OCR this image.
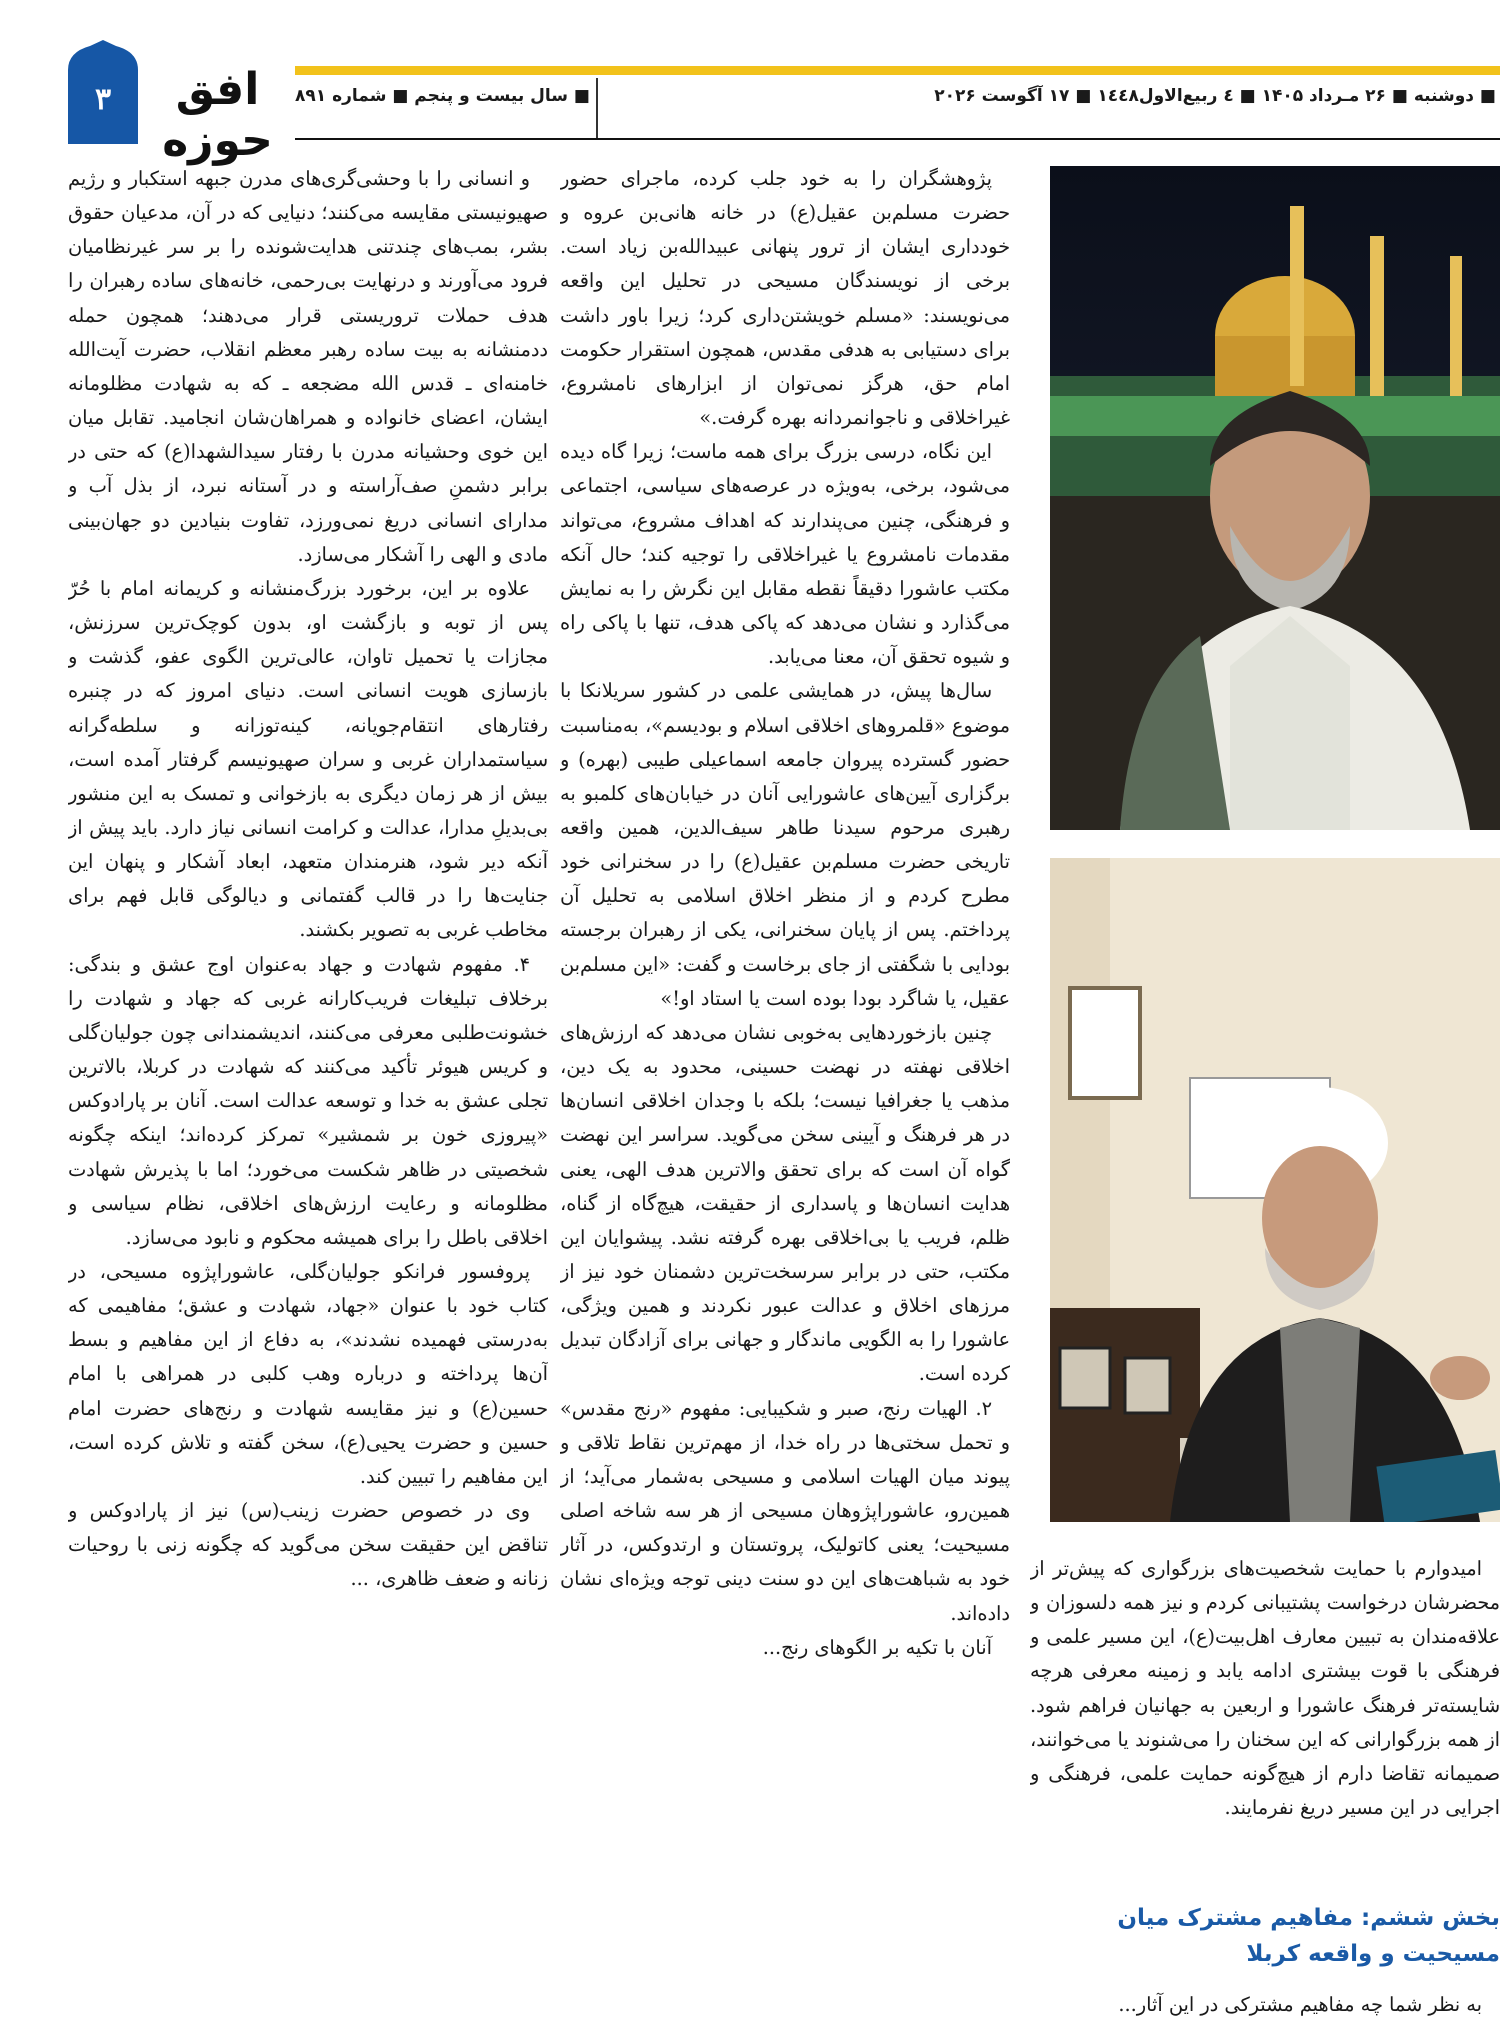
۳	افق حوزه
■ سال بیست و پنجم ■ شماره ۸۹۱	■ دوشنبه ■ ۲۶ مـرداد ۱۴۰۵ ■ ٤ ربیع‌الاول۱٤٤۸ ■ ۱۷ آگوست ۲۰۲۶

و انسانی را با وحشی‌گری‌های مدرن جبهه استکبار و رژیم صهیونیستی مقایسه می‌کنند؛ دنیایی که در آن، مدعیان حقوق بشر، بمب‌های چندتنی هدایت‌شونده را بر سر غیرنظامیان فرود می‌آورند و درنهایت بی‌رحمی، خانه‌های ساده رهبران را هدف حملات تروریستی قرار می‌دهند؛ همچون حمله ددمنشانه به بیت ساده رهبر معظم انقلاب، حضرت آیت‌الله خامنه‌ای ـ قدس الله مضجعه ـ که به شهادت مظلومانه ایشان، اعضای خانواده و همراهان‌شان انجامید. تقابل میان این خوی وحشیانه مدرن با رفتار سیدالشهدا(ع) که حتی در برابر دشمنِ صف‌آراسته و در آستانه نبرد، از بذل آب و مدارای انسانی دریغ نمی‌ورزد، تفاوت بنیادین دو جهان‌بینی مادی و الهی را آشکار می‌سازد.

علاوه بر این، برخورد بزرگ‌منشانه و کریمانه امام با حُرّ پس از توبه و بازگشت او، بدون کوچک‌ترین سرزنش، مجازات یا تحمیل تاوان، عالی‌ترین الگوی عفو، گذشت و بازسازی هویت انسانی است. دنیای امروز که در چنبره رفتارهای انتقام‌جویانه، کینه‌توزانه و سلطه‌گرانه سیاستمداران غربی و سران صهیونیسم گرفتار آمده است، بیش از هر زمان دیگری به بازخوانی و تمسک به این منشور بی‌بدیلِ مدارا، عدالت و کرامت انسانی نیاز دارد. باید پیش از آنکه دیر شود، هنرمندان متعهد، ابعاد آشکار و پنهان این جنایت‌ها را در قالب گفتمانی و دیالوگی قابل فهم برای مخاطب غربی به تصویر بکشند.

۴. مفهوم شهادت و جهاد به‌عنوان اوج عشق و بندگی: برخلاف تبلیغات فریب‌کارانه غربی که جهاد و شهادت را خشونت‌طلبی معرفی می‌کنند، اندیشمندانی چون جولیان‌گلی و کریس هیوئر تأکید می‌کنند که شهادت در کربلا، بالاترین تجلی عشق به خدا و توسعه عدالت است. آنان بر پارادوکس «پیروزی خون بر شمشیر» تمرکز کرده‌اند؛ اینکه چگونه شخصیتی در ظاهر شکست می‌خورد؛ اما با پذیرش شهادت مظلومانه و رعایت ارزش‌های اخلاقی، نظام سیاسی و اخلاقی باطل را برای همیشه محکوم و نابود می‌سازد.

پروفسور فرانکو جولیان‌گلی، عاشوراپژوه مسیحی، در کتاب خود با عنوان «جهاد، شهادت و عشق؛ مفاهیمی که به‌درستی فهمیده نشدند»، به دفاع از این مفاهیم و بسط آن‌ها پرداخته و درباره وهب کلبی در همراهی با امام حسین(ع) و نیز مقایسه شهادت و رنج‌های حضرت امام حسین و حضرت یحیی(ع)، سخن گفته و تلاش کرده است، این مفاهیم را تبیین کند.

وی در خصوص حضرت زینب(س) نیز از پارادوکس و تناقض این حقیقت سخن می‌گوید که چگونه زنی با روحیات زنانه و ضعف ظاهری، ...

پژوهشگران را به خود جلب کرده، ماجرای حضور حضرت مسلم‌بن عقیل(ع) در خانه هانی‌بن عروه و خودداری ایشان از ترور پنهانی عبیدالله‌بن زیاد است. برخی از نویسندگان مسیحی در تحلیل این واقعه می‌نویسند: «مسلم خویشتن‌داری کرد؛ زیرا باور داشت برای دستیابی به هدفی مقدس، همچون استقرار حکومت امام حق، هرگز نمی‌توان از ابزارهای نامشروع، غیراخلاقی و ناجوانمردانه بهره گرفت.»

این نگاه، درسی بزرگ برای همه ماست؛ زیرا گاه دیده می‌شود، برخی، به‌ویژه در عرصه‌های سیاسی، اجتماعی و فرهنگی، چنین می‌پندارند که اهداف مشروع، می‌تواند مقدمات نامشروع یا غیراخلاقی را توجیه کند؛ حال آنکه مکتب عاشورا دقیقاً نقطه مقابل این نگرش را به نمایش می‌گذارد و نشان می‌دهد که پاکی هدف، تنها با پاکی راه و شیوه تحقق آن، معنا می‌یابد.

سال‌ها پیش، در همایشی علمی در کشور سریلانکا با موضوع «قلمروهای اخلاقی اسلام و بودیسم»، به‌مناسبت حضور گسترده پیروان جامعه اسماعیلی طیبی (بهره) و برگزاری آیین‌های عاشورایی آنان در خیابان‌های کلمبو به رهبری مرحوم سیدنا طاهر سیف‌الدین، همین واقعه تاریخی حضرت مسلم‌بن عقیل(ع) را در سخنرانی خود مطرح کردم و از منظر اخلاق اسلامی به تحلیل آن پرداختم. پس از پایان سخنرانی، یکی از رهبران برجسته بودایی با شگفتی از جای برخاست و گفت: «این مسلم‌بن عقیل، یا شاگرد بودا بوده است یا استاد او!»

چنین بازخوردهایی به‌خوبی نشان می‌دهد که ارزش‌های اخلاقی نهفته در نهضت حسینی، محدود به یک دین، مذهب یا جغرافیا نیست؛ بلکه با وجدان اخلاقی انسان‌ها در هر فرهنگ و آیینی سخن می‌گوید. سراسر این نهضت گواه آن است که برای تحقق والاترین هدف الهی، یعنی هدایت انسان‌ها و پاسداری از حقیقت، هیچ‌گاه از گناه، ظلم، فریب یا بی‌اخلاقی بهره گرفته نشد. پیشوایان این مکتب، حتی در برابر سرسخت‌ترین دشمنان خود نیز از مرزهای اخلاق و عدالت عبور نکردند و همین ویژگی، عاشورا را به الگویی ماندگار و جهانی برای آزادگان تبدیل کرده است.

۲. الهیات رنج، صبر و شکیبایی: مفهوم «رنج مقدس» و تحمل سختی‌ها در راه خدا، از مهم‌ترین نقاط تلاقی و پیوند میان الهیات اسلامی و مسیحی به‌شمار می‌آید؛ از همین‌رو، عاشوراپژوهان مسیحی از هر سه شاخه اصلی مسیحیت؛ یعنی کاتولیک، پروتستان و ارتدوکس، در آثار خود به شباهت‌های این دو سنت دینی توجه ویژه‌ای نشان داده‌اند.

آنان با تکیه بر الگوهای رنج...

امیدوارم با حمایت شخصیت‌های بزرگواری که پیش‌تر از محضرشان درخواست پشتیبانی کردم و نیز همه دلسوزان و علاقه‌مندان به تبیین معارف اهل‌بیت(ع)، این مسیر علمی و فرهنگی با قوت بیشتری ادامه یابد و زمینه معرفی هرچه شایسته‌تر فرهنگ عاشورا و اربعین به جهانیان فراهم شود. از همه بزرگوارانی که این سخنان را می‌شنوند یا می‌خوانند، صمیمانه تقاضا دارم از هیچ‌گونه حمایت علمی، فرهنگی و اجرایی در این مسیر دریغ نفرمایند.

بخش ششم: مفاهیم مشترک میان مسیحیت و واقعه کربلا

به نظر شما چه مفاهیم مشترکی در این آثار...
